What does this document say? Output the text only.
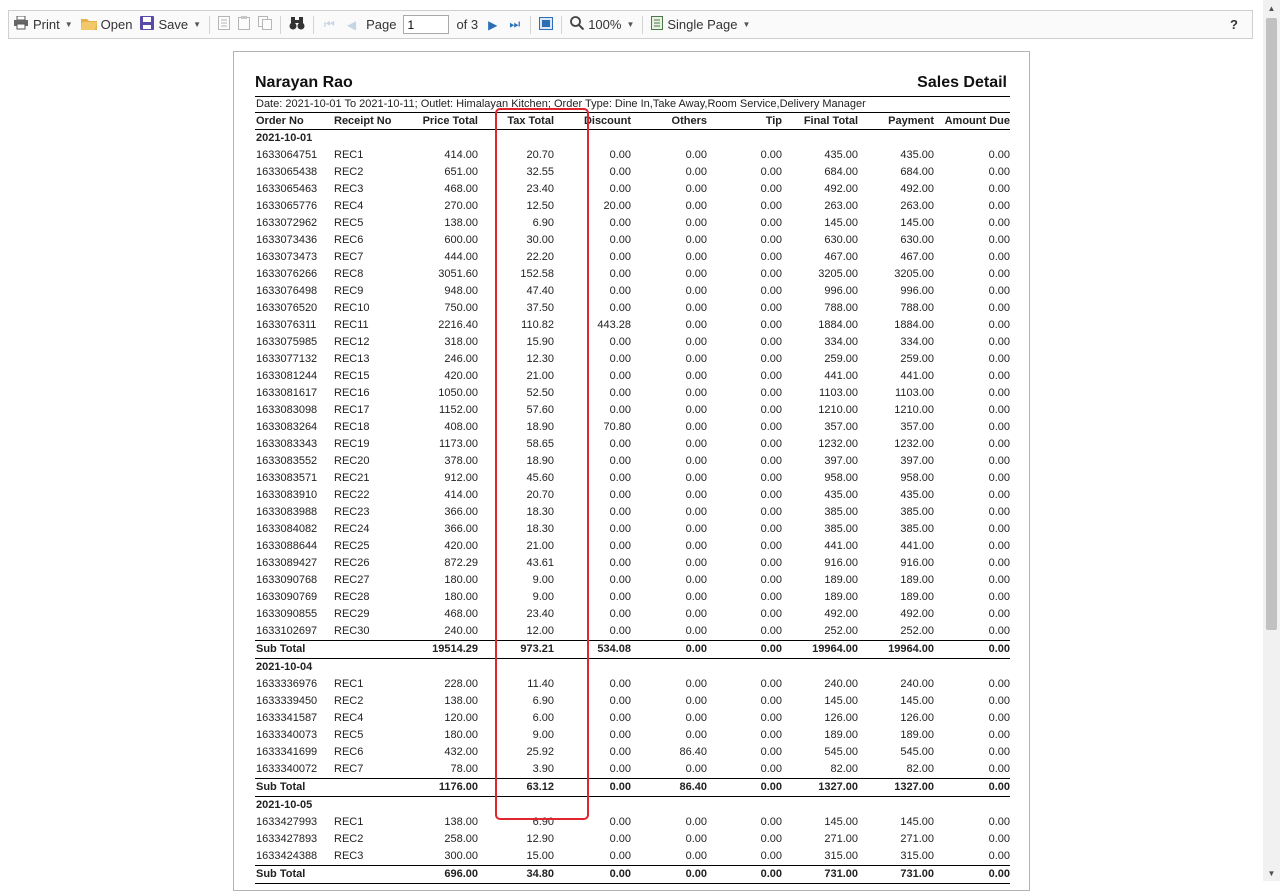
Print ▼ Open Save ▼	⏮ ◀ Page
1	of 3 ▶ ⏭	100% ▼	Single Page ▼	?
Narayan Rao	Sales Detail
Date: 2021-10-01 To 2021-10-11; Outlet: Himalayan Kitchen; Order Type: Dine In,Take Away,Room Service,Delivery Manager
Order No	Receipt No	Price Total	Tax Total	Discount	Others	Tip	Final Total	Payment	Amount Due
2021-10-01									
1633064751	REC1	414.00	20.70	0.00	0.00	0.00	435.00	435.00	0.00
1633065438	REC2	651.00	32.55	0.00	0.00	0.00	684.00	684.00	0.00
1633065463	REC3	468.00	23.40	0.00	0.00	0.00	492.00	492.00	0.00
1633065776	REC4	270.00	12.50	20.00	0.00	0.00	263.00	263.00	0.00
1633072962	REC5	138.00	6.90	0.00	0.00	0.00	145.00	145.00	0.00
1633073436	REC6	600.00	30.00	0.00	0.00	0.00	630.00	630.00	0.00
1633073473	REC7	444.00	22.20	0.00	0.00	0.00	467.00	467.00	0.00
1633076266	REC8	3051.60	152.58	0.00	0.00	0.00	3205.00	3205.00	0.00
1633076498	REC9	948.00	47.40	0.00	0.00	0.00	996.00	996.00	0.00
1633076520	REC10	750.00	37.50	0.00	0.00	0.00	788.00	788.00	0.00
1633076311	REC11	2216.40	110.82	443.28	0.00	0.00	1884.00	1884.00	0.00
1633075985	REC12	318.00	15.90	0.00	0.00	0.00	334.00	334.00	0.00
1633077132	REC13	246.00	12.30	0.00	0.00	0.00	259.00	259.00	0.00
1633081244	REC15	420.00	21.00	0.00	0.00	0.00	441.00	441.00	0.00
1633081617	REC16	1050.00	52.50	0.00	0.00	0.00	1103.00	1103.00	0.00
1633083098	REC17	1152.00	57.60	0.00	0.00	0.00	1210.00	1210.00	0.00
1633083264	REC18	408.00	18.90	70.80	0.00	0.00	357.00	357.00	0.00
1633083343	REC19	1173.00	58.65	0.00	0.00	0.00	1232.00	1232.00	0.00
1633083552	REC20	378.00	18.90	0.00	0.00	0.00	397.00	397.00	0.00
1633083571	REC21	912.00	45.60	0.00	0.00	0.00	958.00	958.00	0.00
1633083910	REC22	414.00	20.70	0.00	0.00	0.00	435.00	435.00	0.00
1633083988	REC23	366.00	18.30	0.00	0.00	0.00	385.00	385.00	0.00
1633084082	REC24	366.00	18.30	0.00	0.00	0.00	385.00	385.00	0.00
1633088644	REC25	420.00	21.00	0.00	0.00	0.00	441.00	441.00	0.00
1633089427	REC26	872.29	43.61	0.00	0.00	0.00	916.00	916.00	0.00
1633090768	REC27	180.00	9.00	0.00	0.00	0.00	189.00	189.00	0.00
1633090769	REC28	180.00	9.00	0.00	0.00	0.00	189.00	189.00	0.00
1633090855	REC29	468.00	23.40	0.00	0.00	0.00	492.00	492.00	0.00
1633102697	REC30	240.00	12.00	0.00	0.00	0.00	252.00	252.00	0.00
Sub Total		19514.29	973.21	534.08	0.00	0.00	19964.00	19964.00	0.00
2021-10-04									
1633336976	REC1	228.00	11.40	0.00	0.00	0.00	240.00	240.00	0.00
1633339450	REC2	138.00	6.90	0.00	0.00	0.00	145.00	145.00	0.00
1633341587	REC4	120.00	6.00	0.00	0.00	0.00	126.00	126.00	0.00
1633340073	REC5	180.00	9.00	0.00	0.00	0.00	189.00	189.00	0.00
1633341699	REC6	432.00	25.92	0.00	86.40	0.00	545.00	545.00	0.00
1633340072	REC7	78.00	3.90	0.00	0.00	0.00	82.00	82.00	0.00
Sub Total		1176.00	63.12	0.00	86.40	0.00	1327.00	1327.00	0.00
2021-10-05									
1633427993	REC1	138.00	6.90	0.00	0.00	0.00	145.00	145.00	0.00
1633427893	REC2	258.00	12.90	0.00	0.00	0.00	271.00	271.00	0.00
1633424388	REC3	300.00	15.00	0.00	0.00	0.00	315.00	315.00	0.00
Sub Total		696.00	34.80	0.00	0.00	0.00	731.00	731.00	0.00
▲
▼
